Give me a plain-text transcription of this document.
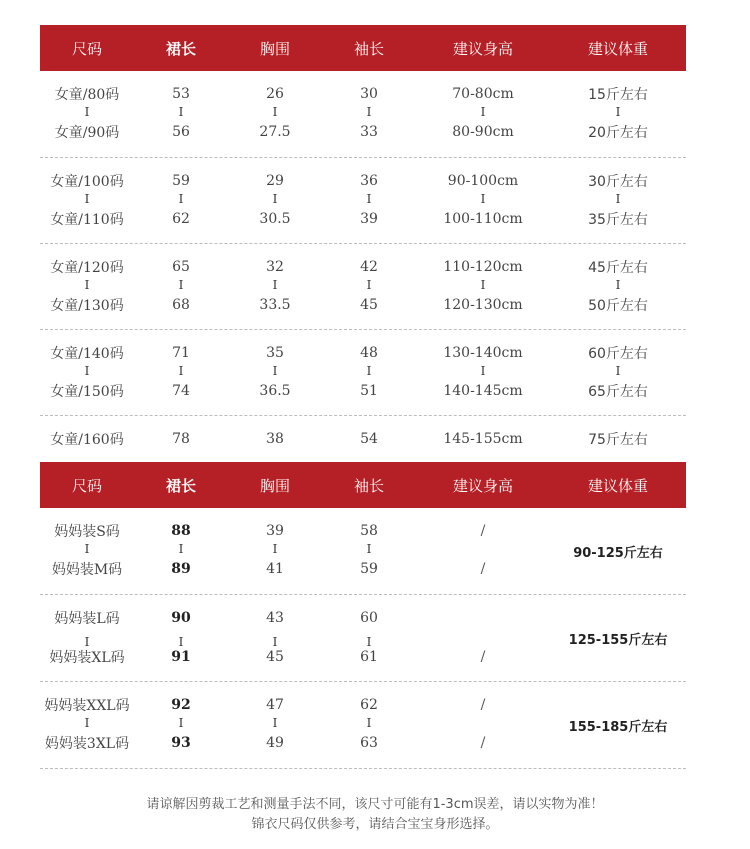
尺码	裙长	胸围	袖长	建议身高	建议体重
女童/80码	53	26	30	70-80cm	15斤左右
I	I	I	I	I	I
女童/90码	56	27.5	33	80-90cm	20斤左右
女童/100码	59	29	36	90-100cm	30斤左右
I	I	I	I	I	I
女童/110码	62	30.5	39	100-110cm	35斤左右
女童/120码	65	32	42	110-120cm	45斤左右
I	I	I	I	I	I
女童/130码	68	33.5	45	120-130cm	50斤左右
女童/140码	71	35	48	130-140cm	60斤左右
I	I	I	I	I	I
女童/150码	74	36.5	51	140-145cm	65斤左右
女童/160码	78	38	54	145-155cm	75斤左右
尺码	裙长	胸围	袖长	建议身高	建议体重
妈妈装S码	88	39	58	/
I	I	I	I
妈妈装M码	89	41	59	/
90-125斤左右
妈妈装L码	90	43	60
I	I	I	I
妈妈装XL码	91	45	61	/
125-155斤左右
妈妈装XXL码	92	47	62	/
I	I	I	I
妈妈装3XL码	93	49	63	/
155-185斤左右
请谅解因剪裁工艺和测量手法不同，该尺寸可能有1-3cm误差，请以实物为准！
锦衣尺码仅供参考，请结合宝宝身形选择。
